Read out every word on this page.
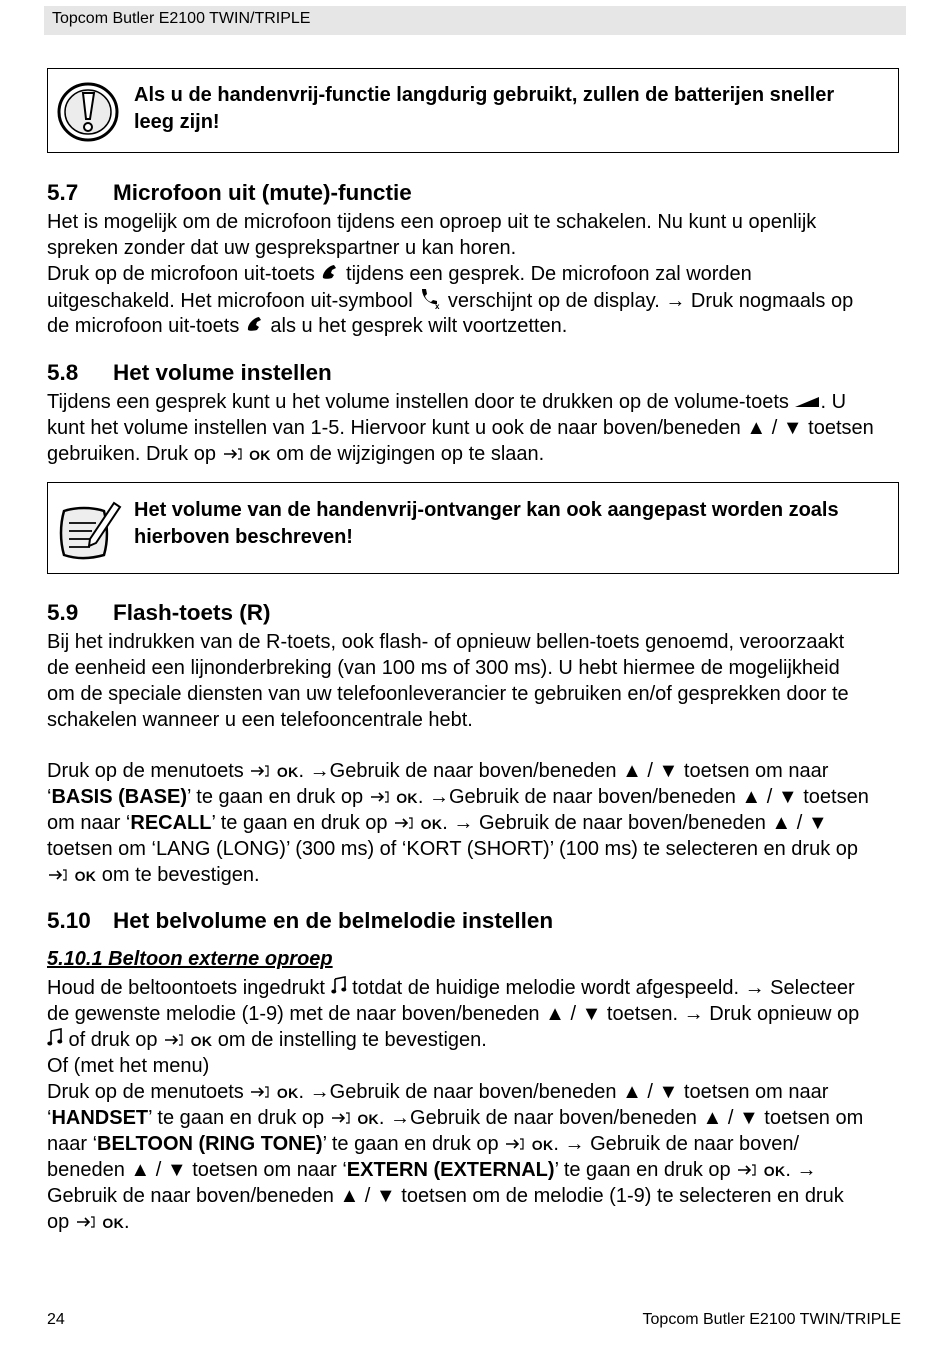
Topcom Butler E2100 TWIN/TRIPLE
Als u de handenvrij-functie langdurig gebruikt, zullen de batterijen sneller
leeg zijn!
5.7 Microfoon uit (mute)-functie
Het is mogelijk om de microfoon tijdens een oproep uit te schakelen. Nu kunt u openlijk
spreken zonder dat uw gesprekspartner u kan horen.
Druk op de microfoon uit-toets  tijdens een gesprek. De microfoon zal worden
uitgeschakeld. Het microfoon uit-symbool x verschijnt op de display. → Druk nogmaals op
de microfoon uit-toets  als u het gesprek wilt voortzetten.
5.8 Het volume instellen
Tijdens een gesprek kunt u het volume instellen door te drukken op de volume-toets . U
kunt het volume instellen van 1-5. Hiervoor kunt u ook de naar boven/beneden ▲ / ▼ toetsen
gebruiken. Druk op  OK om de wijzigingen op te slaan.
Het volume van de handenvrij-ontvanger kan ook aangepast worden zoals
hierboven beschreven!
5.9 Flash-toets (R)
Bij het indrukken van de R-toets, ook flash- of opnieuw bellen-toets genoemd, veroorzaakt
de eenheid een lijnonderbreking (van 100 ms of 300 ms). U hebt hiermee de mogelijkheid
om de speciale diensten van uw telefoonleverancier te gebruiken en/of gesprekken door te
schakelen wanneer u een telefooncentrale hebt.
Druk op de menutoets  OK. →Gebruik de naar boven/beneden ▲ / ▼ toetsen om naar
‘BASIS (BASE)’ te gaan en druk op  OK. →Gebruik de naar boven/beneden ▲ / ▼ toetsen
om naar ‘RECALL’ te gaan en druk op  OK. → Gebruik de naar boven/beneden ▲ / ▼
toetsen om ‘LANG (LONG)’ (300 ms) of ‘KORT (SHORT)’ (100 ms) te selecteren en druk op
OK om te bevestigen.
5.10 Het belvolume en de belmelodie instellen
5.10.1 Beltoon externe oproep
Houd de beltoontoets ingedrukt  totdat de huidige melodie wordt afgespeeld. → Selecteer
de gewenste melodie (1-9) met de naar boven/beneden ▲ / ▼ toetsen. → Druk opnieuw op
of druk op  OK om de instelling te bevestigen.
Of (met het menu)
Druk op de menutoets  OK. →Gebruik de naar boven/beneden ▲ / ▼ toetsen om naar
‘HANDSET’ te gaan en druk op  OK. →Gebruik de naar boven/beneden ▲ / ▼ toetsen om
naar ‘BELTOON (RING TONE)’ te gaan en druk op  OK. → Gebruik de naar boven/
beneden ▲ / ▼ toetsen om naar ‘EXTERN (EXTERNAL)’ te gaan en druk op  OK. →
Gebruik de naar boven/beneden ▲ / ▼ toetsen om de melodie (1-9) te selecteren en druk
op  OK.
24	Topcom Butler E2100 TWIN/TRIPLE
